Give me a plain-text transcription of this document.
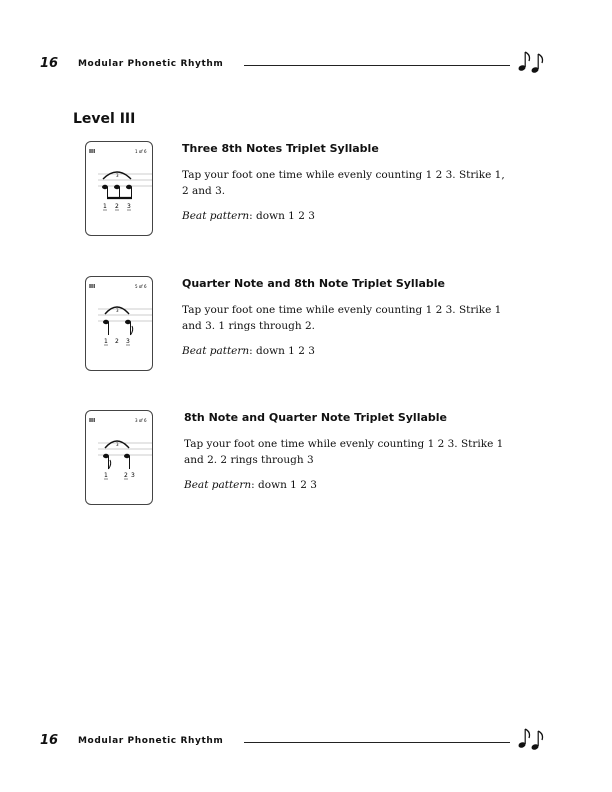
16 Modular Phonetic Rhythm
Level III
III	1 of 6
3
1 2 3
Three 8th Notes Triplet Syllable

Tap your foot one time while evenly counting 1 2 3. Strike 1, 2 and 3.

Beat pattern: down 1 2 3

III	5 of 6
3
1 2 3
Quarter Note and 8th Note Triplet Syllable

Tap your foot one time while evenly counting 1 2 3. Strike 1 and 3. 1 rings through 2.

Beat pattern: down 1 2 3

III	3 of 6
3
1	2 3
8th Note and Quarter Note Triplet Syllable

Tap your foot one time while evenly counting 1 2 3. Strike 1 and 2. 2 rings through 3

Beat pattern: down 1 2 3

16 Modular Phonetic Rhythm
